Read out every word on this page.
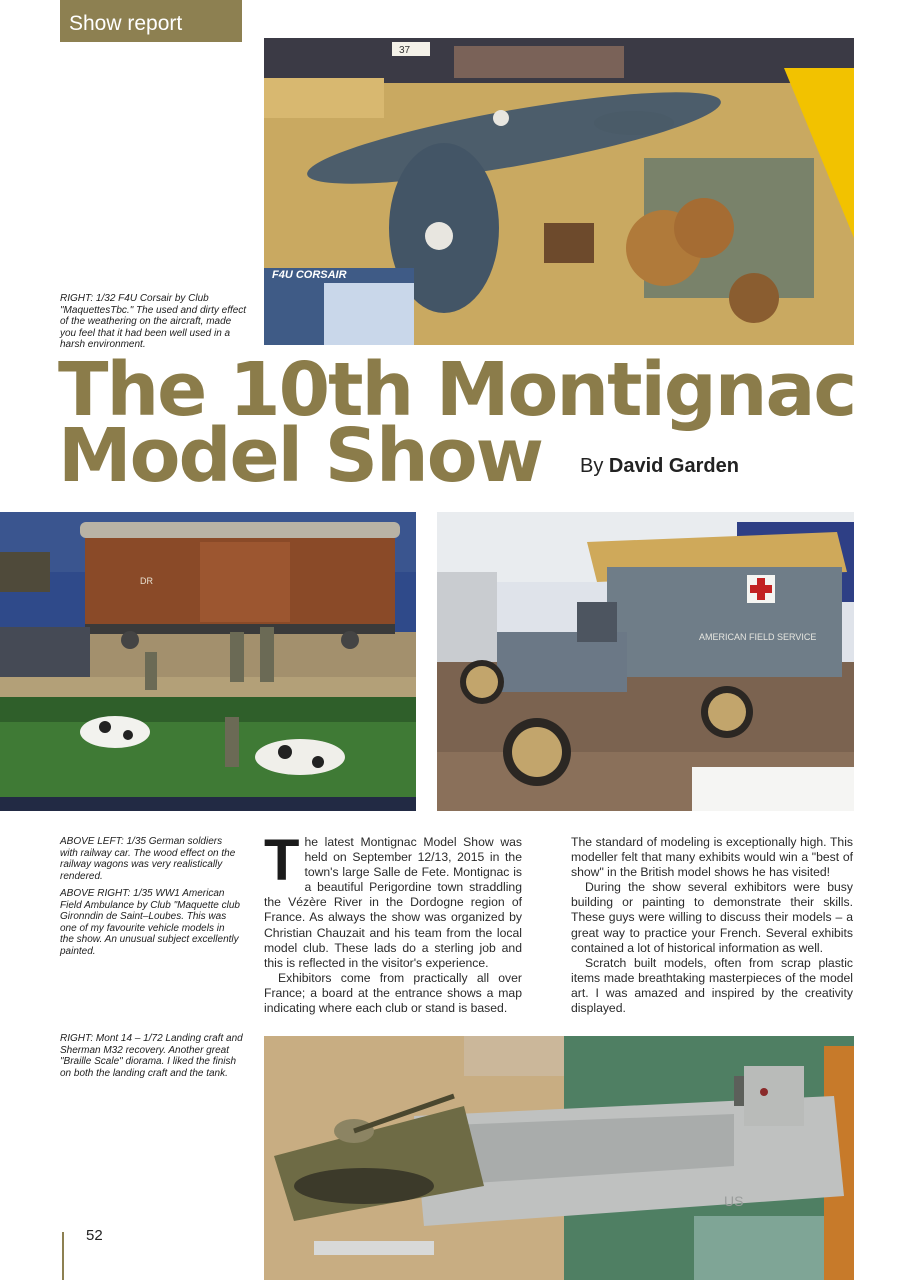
Show report
F4U CORSAIR
37
RIGHT: 1/32 F4U Corsair by Club "MaquettesTbc." The used and dirty effect of the weathering on the aircraft, made you feel that it had been well used in a harsh environment.
The 10th Montignac
Model Show	By David Garden
DR
AMERICAN FIELD SERVICE
ABOVE LEFT: 1/35 German soldiers with railway car. The wood effect on the railway wagons was very realistically rendered.
ABOVE RIGHT: 1/35 WW1 American Field Ambulance by Club "Maquette club Gironndin de Saint–Loubes. This was one of my favourite vehicle models in the show. An unusual subject excellently painted.

The latest Montignac Model Show was held on September 12/13, 2015 in the town's large Salle de Fete. Montignac is a beautiful Perigordine town straddling the Vézère River in the Dordogne region of France. As always the show was organized by Christian Chauzait and his team from the local model club. These lads do a sterling job and this is reflected in the visitor's experience.

Exhibitors come from practically all over France; a board at the entrance shows a map indicating where each club or stand is based.

The standard of modeling is exceptionally high. This modeller felt that many exhibits would win a "best of show" in the British model shows he has visited!

During the show several exhibitors were busy building or painting to demonstrate their skills. These guys were willing to discuss their models – a great way to practice your French. Several exhibits contained a lot of historical information as well.

Scratch built models, often from scrap plastic items made breathtaking masterpieces of the model art. I was amazed and inspired by the creativity displayed.

RIGHT: Mont 14 – 1/72 Landing craft and Sherman M32 recovery. Another great "Braille Scale" diorama. I liked the finish on both the landing craft and the tank.
US
52
